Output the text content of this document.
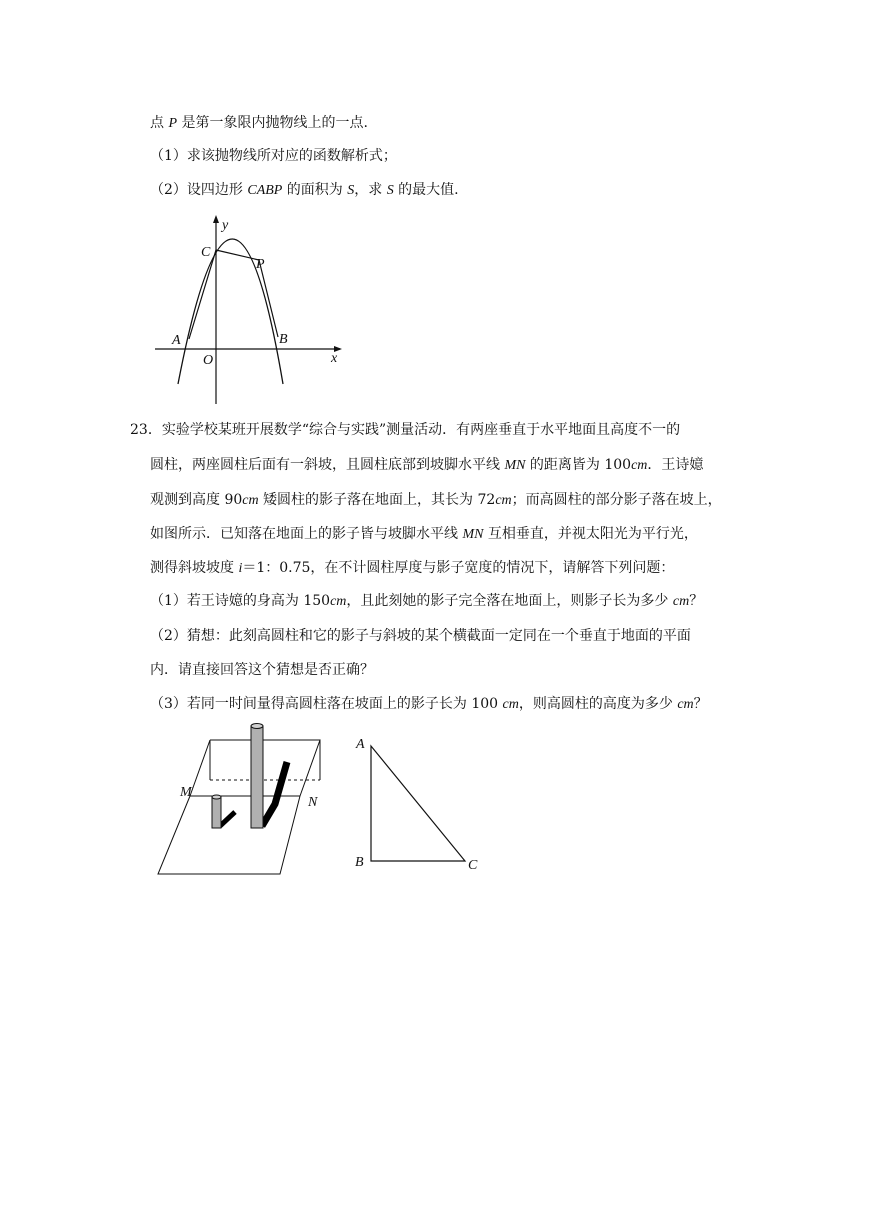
点 P 是第一象限内抛物线上的一点.
（1）求该抛物线所对应的函数解析式；
（2）设四边形 CABP 的面积为 S，求 S 的最大值.
y
x
C
P
A	B
O
23．实验学校某班开展数学“综合与实践”测量活动．有两座垂直于水平地面且高度不一的
圆柱，两座圆柱后面有一斜坡，且圆柱底部到坡脚水平线 MN 的距离皆为 100cm．王诗嬑
观测到高度 90cm 矮圆柱的影子落在地面上，其长为 72cm；而高圆柱的部分影子落在坡上，
如图所示．已知落在地面上的影子皆与坡脚水平线 MN 互相垂直，并视太阳光为平行光，
测得斜坡坡度 i＝1：0.75，在不计圆柱厚度与影子宽度的情况下，请解答下列问题：
（1）若王诗嬑的身高为 150cm，且此刻她的影子完全落在地面上，则影子长为多少 cm？
（2）猜想：此刻高圆柱和它的影子与斜坡的某个横截面一定同在一个垂直于地面的平面
内．请直接回答这个猜想是否正确？
（3）若同一时间量得高圆柱落在坡面上的影子长为 100 cm，则高圆柱的高度为多少 cm？
M
N
A
B	C
